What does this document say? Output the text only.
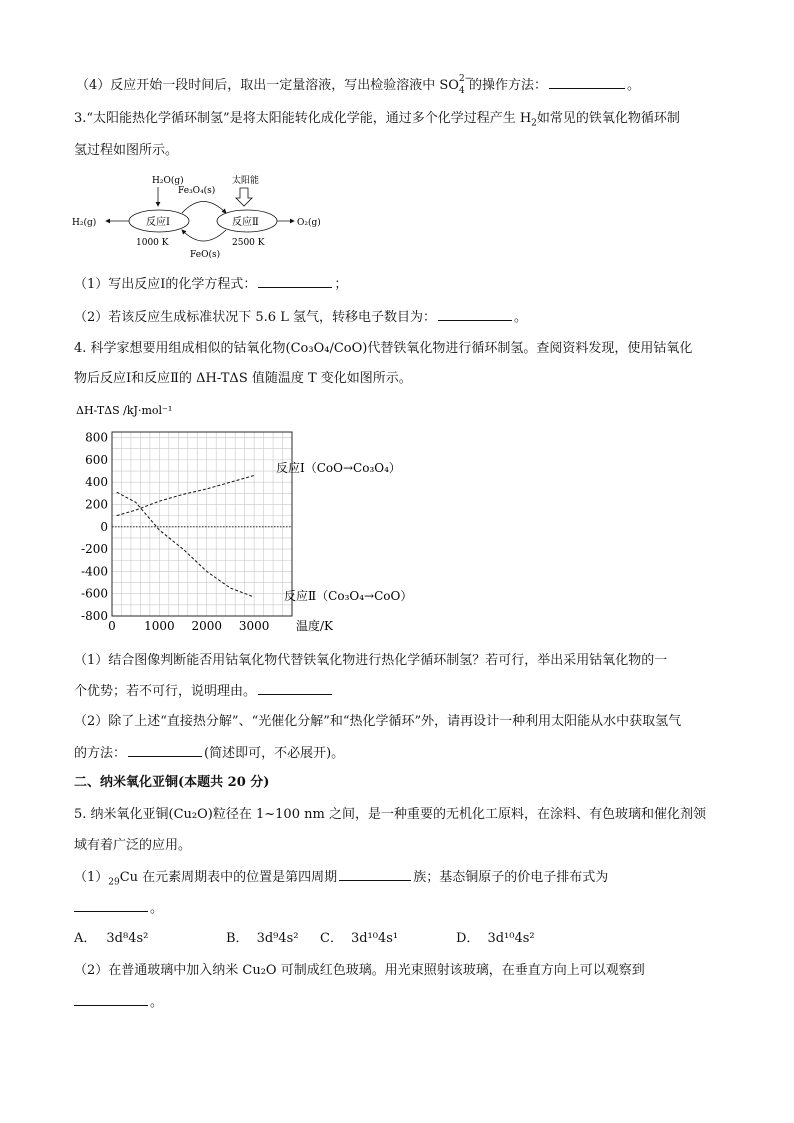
（4）反应开始一段时间后，取出一定量溶液，写出检验溶液中 SO 2−
4 的操作方法：	。
3.“太阳能热化学循环制氢”是将太阳能转化成化学能，通过多个化学过程产生 $H_2$如常见的铁氧化物循环制
氢过程如图所示。
H₂O(g)
Fe₃O₄(s)
太阳能
反应Ⅰ	反应Ⅱ
H₂(g)	O₂(g)
1000 K	2500 K
FeO(s)
（1）写出反应Ⅰ的化学方程式：	；
（2）若该反应生成标准状况下 5.6 L 氢气，转移电子数目为：	。
4. 科学家想要用组成相似的钴氧化物(Co₃O₄/CoO)代替铁氧化物进行循环制氢。查阅资料发现，使用钴氧化
物后反应Ⅰ和反应Ⅱ的 ΔH-TΔS 值随温度 T 变化如图所示。
ΔH-TΔS /kJ·mol⁻¹
800
600
400
200
0
-200
-400
-600
-800
0 1000 2000 3000 温度/K
反应Ⅰ（CoO→Co₃O₄）
反应Ⅱ（Co₃O₄→CoO）
（1）结合图像判断能否用钴氧化物代替铁氧化物进行热化学循环制氢？若可行，举出采用钴氧化物的一
个优势；若不可行，说明理由。
（2）除了上述“直接热分解”、“光催化分解”和“热化学循环”外，请再设计一种利用太阳能从水中获取氢气
的方法：	(简述即可，不必展开)。
二、纳米氧化亚铜(本题共 20 分)
5. 纳米氧化亚铜(Cu₂O)粒径在 1~100 nm 之间，是一种重要的无机化工原料，在涂料、有色玻璃和催化剂领
域有着广泛的应用。
$(1)_{29}Cu$ 在元素周期表中的位置是第四周期	族；基态铜原子的价电子排布式为
。
A． 3d⁸4s²	B． 3d⁹4s² C． 3d¹⁰4s¹	D． 3d¹⁰4s²
（2）在普通玻璃中加入纳米 Cu₂O 可制成红色玻璃。用光束照射该玻璃，在垂直方向上可以观察到
。
